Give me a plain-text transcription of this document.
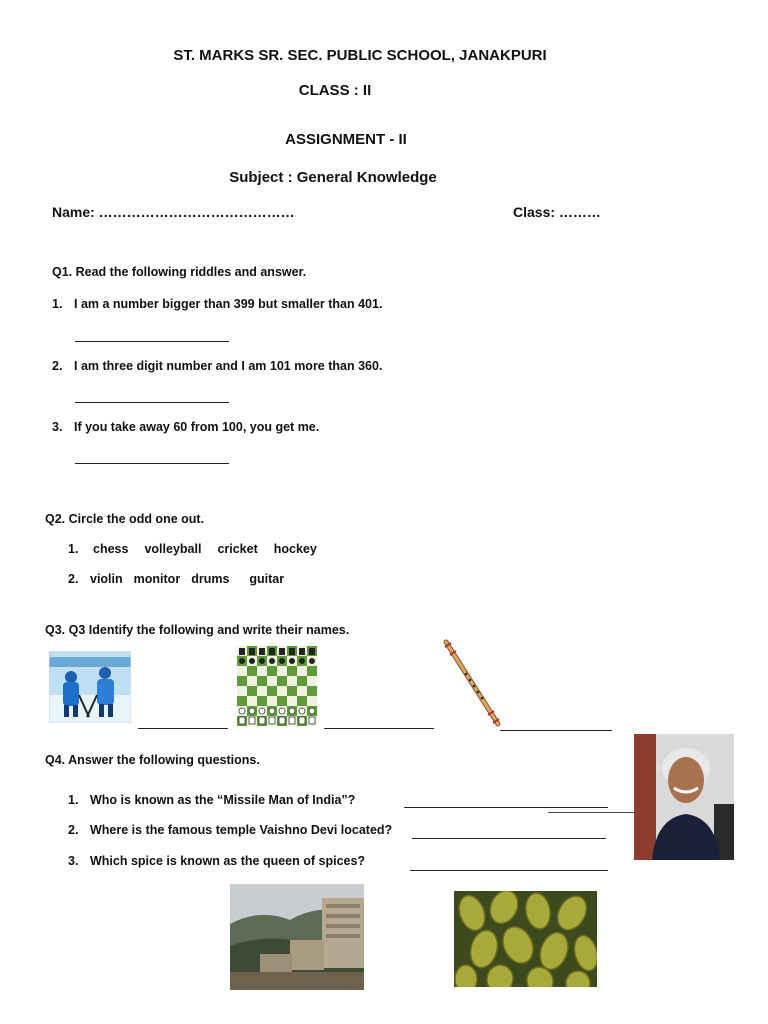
ST. MARKS SR. SEC. PUBLIC SCHOOL, JANAKPURI
CLASS : II
ASSIGNMENT - II
Subject : General Knowledge
Name: ……………………………………	Class: ………
Q1. Read the following riddles and answer.
1. I am a number bigger than 399 but smaller than 401.
2. I am three digit number and I am 101 more than 360.
3. If you take away 60 from 100, you get me.
Q2. Circle the odd one out.
1. chess volleyball cricket hockey
2. violin monitor drums guitar
Q3. Q3 Identify the following and write their names.
Q4. Answer the following questions.
1. Who is known as the “Missile Man of India”?
2. Where is the famous temple Vaishno Devi located?
3. Which spice is known as the queen of spices?
